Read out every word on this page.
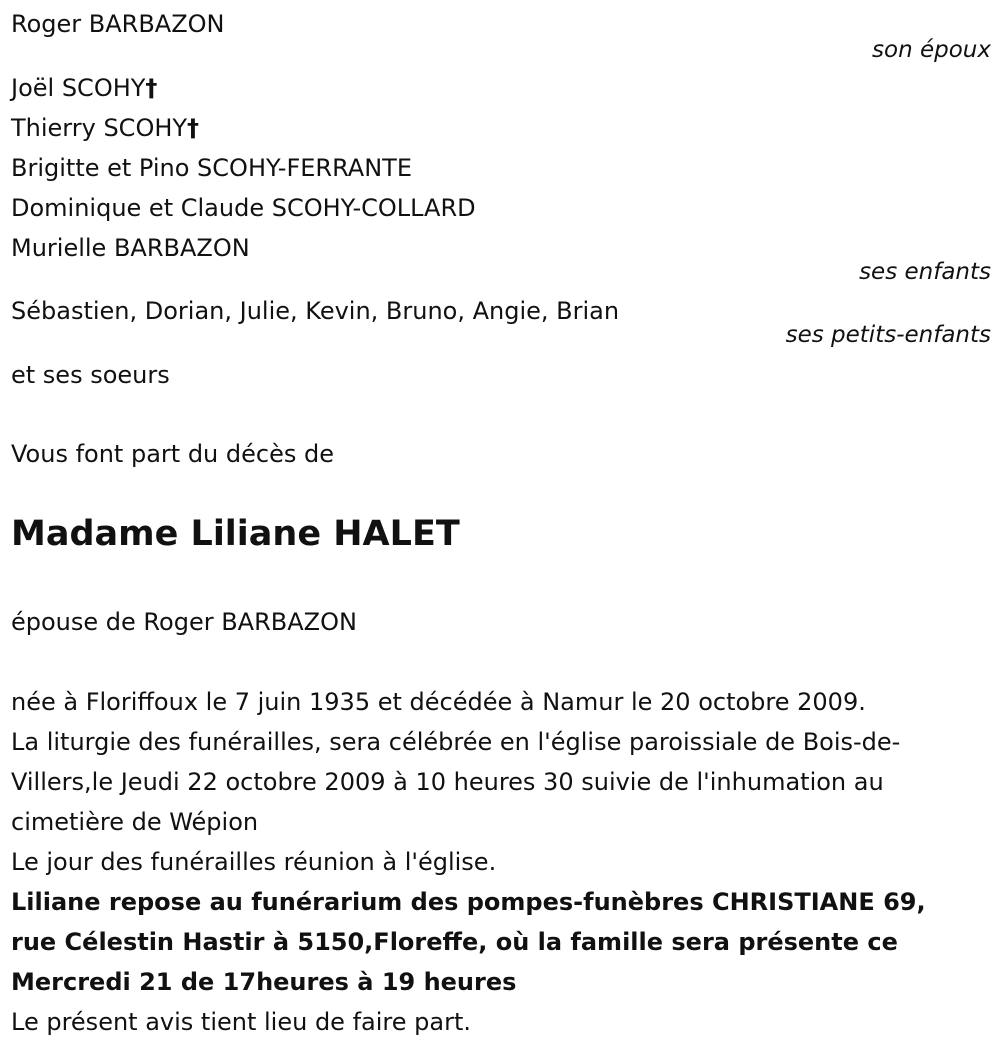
Roger BARBAZON
son époux
Joël SCOHY†
Thierry SCOHY†
Brigitte et Pino SCOHY-FERRANTE
Dominique et Claude SCOHY-COLLARD
Murielle BARBAZON
ses enfants
Sébastien, Dorian, Julie, Kevin, Bruno, Angie, Brian
ses petits-enfants
et ses soeurs
Vous font part du décès de
Madame Liliane HALET
épouse de Roger BARBAZON
née à Floriffoux le 7 juin 1935 et décédée à Namur le 20 octobre 2009.
La liturgie des funérailles, sera célébrée en l'église paroissiale de Bois-de-
Villers,le Jeudi 22 octobre 2009 à 10 heures 30 suivie de l'inhumation au
cimetière de Wépion
Le jour des funérailles réunion à l'église.
Liliane repose au funérarium des pompes-funèbres CHRISTIANE 69,
rue Célestin Hastir à 5150,Floreffe, où la famille sera présente ce
Mercredi 21 de 17heures à 19 heures
Le présent avis tient lieu de faire part.
